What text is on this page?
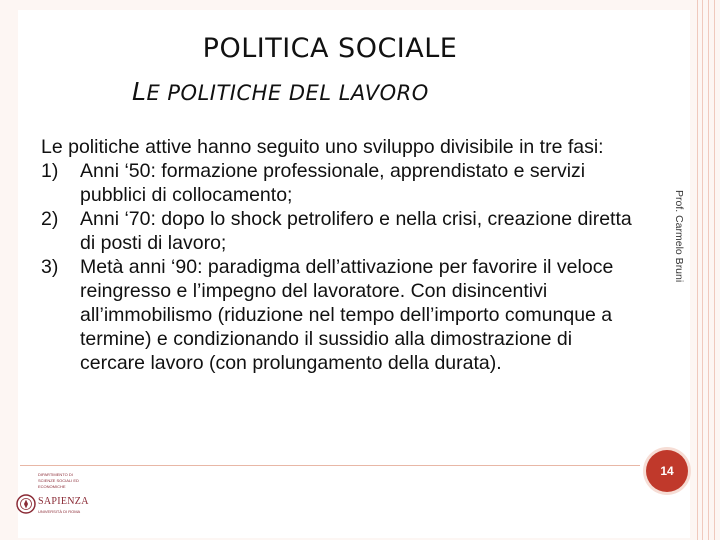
POLITICA SOCIALE
LE POLITICHE DEL LAVORO

Le politiche attive hanno seguito uno sviluppo divisibile in tre fasi:

1) Anni ‘50: formazione professionale, apprendistato e servizi pubblici di collocamento;
2) Anni ‘70: dopo lo shock petrolifero e nella crisi, creazione diretta di posti di lavoro;
3) Metà anni ‘90: paradigma dell’attivazione per favorire il veloce reingresso e l’impegno del lavoratore. Con disincentivi all’immobilismo (riduzione nel tempo dell’importo comunque a termine) e condizionando il sussidio alla dimostrazione di cercare lavoro (con prolungamento della durata).
Prof. Carmelo Bruni
14
DIPARTIMENTO DI SCIENZE SOCIALI ED ECONOMICHE
SAPIENZA
UNIVERSITÀ DI ROMA
